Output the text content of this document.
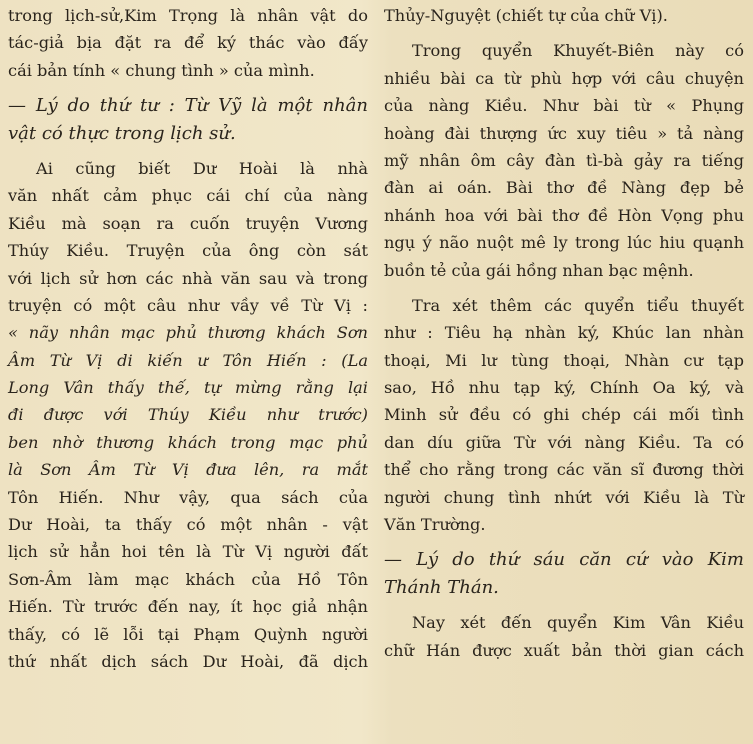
trong lịch-sử,Kim Trọng là nhân vật do
tác-giả bịa đặt ra để ký thác vào đấy
cái bản tính « chung tình » của mình.
— Lý do thứ tư : Từ Vỹ là một nhân
vật có thực trong lịch sử.
Ai cũng biết Dư Hoài là nhà
văn nhất cảm phục cái chí của nàng
Kiều mà soạn ra cuốn truyện Vương
Thúy Kiều. Truyện của ông còn sát
với lịch sử hơn các nhà văn sau và trong
truyện có một câu như vầy về Từ Vị :
« nãy nhân mạc phủ thương khách Sơn
Âm Từ Vị di kiến ư Tôn Hiến : (La
Long Vân thấy thế, tự mừng rằng lại
đi được với Thúy Kiều như trước)
ben nhờ thương khách trong mạc phủ
là Sơn Âm Từ Vị đưa lên, ra mắt
Tôn Hiến. Như vậy, qua sách của
Dư Hoài, ta thấy có một nhân - vật
lịch sử hẳn hoi tên là Từ Vị người đất
Sơn-Âm làm mạc khách của Hồ Tôn
Hiến. Từ trước đến nay, ít học giả nhận
thấy, có lẽ lỗi tại Phạm Quỳnh người
thứ nhất dịch sách Dư Hoài, đã dịch
Thủy-Nguyệt (chiết tự của chữ Vị).
Trong quyển Khuyết-Biên này có
nhiều bài ca từ phù hợp với câu chuyện
của nàng Kiều. Như bài từ « Phụng
hoàng đài thượng ức xuy tiêu » tả nàng
mỹ nhân ôm cây đàn tì-bà gảy ra tiếng
đàn ai oán. Bài thơ đề Nàng đẹp bẻ
nhánh hoa với bài thơ đề Hòn Vọng phu
ngụ ý não nuột mê ly trong lúc hiu quạnh
buồn tẻ của gái hồng nhan bạc mệnh.
Tra xét thêm các quyển tiểu thuyết
như : Tiêu hạ nhàn ký, Khúc lan nhàn
thoại, Mi lư tùng thoại, Nhàn cư tạp
sao, Hồ nhu tạp ký, Chính Oa ký, và
Minh sử đều có ghi chép cái mối tình
dan díu giữa Từ với nàng Kiều. Ta có
thể cho rằng trong các văn sĩ đương thời
người chung tình nhứt với Kiều là Từ
Văn Trường.
— Lý do thứ sáu căn cứ vào Kim
Thánh Thán.
Nay xét đến quyển Kim Vân Kiều
chữ Hán được xuất bản thời gian cách
